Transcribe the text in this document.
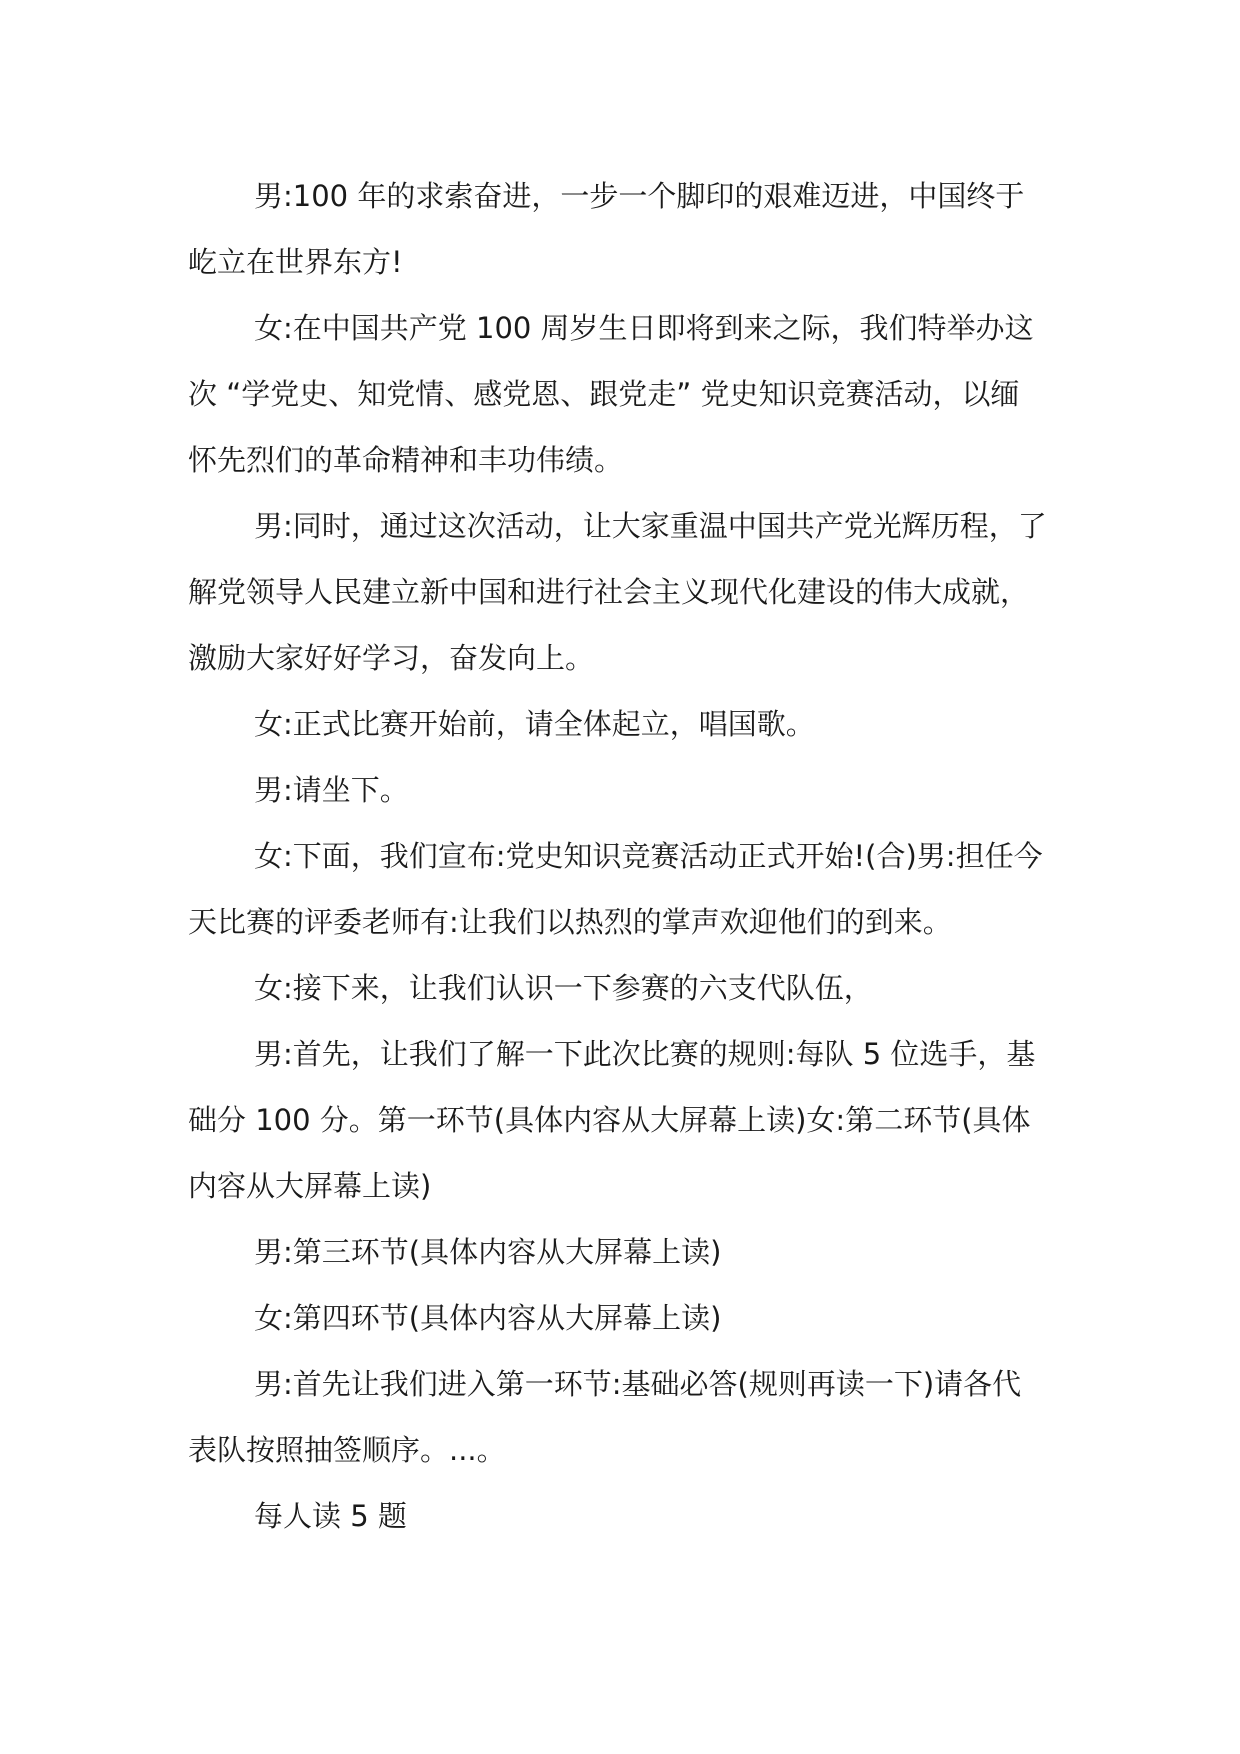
男:100 年的求索奋进，一步一个脚印的艰难迈进，中国终于
屹立在世界东方!

女:在中国共产党 100 周岁生日即将到来之际，我们特举办这
次 “学党史、知党情、感党恩、跟党走” 党史知识竞赛活动，以缅
怀先烈们的革命精神和丰功伟绩。

男:同时，通过这次活动，让大家重温中国共产党光辉历程，了
解党领导人民建立新中国和进行社会主义现代化建设的伟大成就，
激励大家好好学习，奋发向上。

女:正式比赛开始前，请全体起立，唱国歌。

男:请坐下。

女:下面，我们宣布:党史知识竞赛活动正式开始!(合)男:担任今
天比赛的评委老师有:让我们以热烈的掌声欢迎他们的到来。

女:接下来，让我们认识一下参赛的六支代队伍，

男:首先，让我们了解一下此次比赛的规则:每队 5 位选手，基
础分 100 分。第一环节(具体内容从大屏幕上读)女:第二环节(具体
内容从大屏幕上读)

男:第三环节(具体内容从大屏幕上读)

女:第四环节(具体内容从大屏幕上读)

男:首先让我们进入第一环节:基础必答(规则再读一下)请各代
表队按照抽签顺序。...。

每人读 5 题
